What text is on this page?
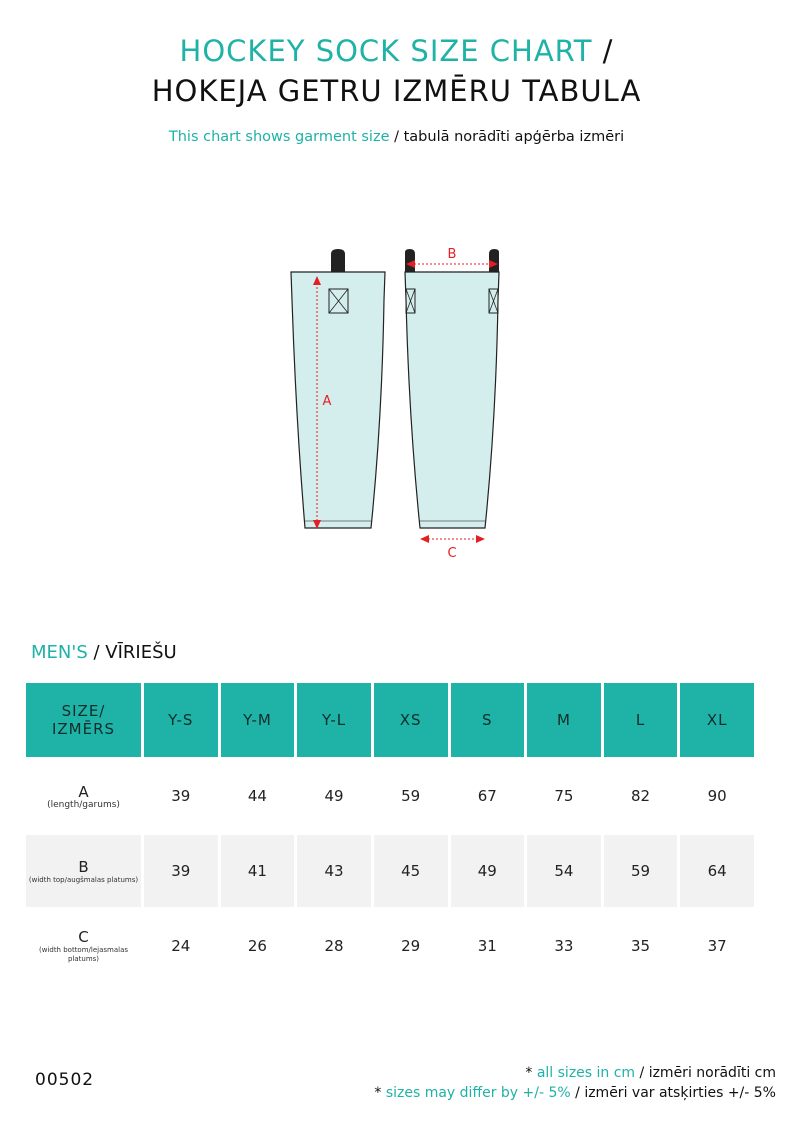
HOCKEY SOCK SIZE CHART /
HOKEJA GETRU IZMĒRU TABULA
This chart shows garment size / tabulā norādīti apģērba izmēri
A
B
C
MEN'S / VĪRIEŠU
SIZE/
IZMĒRS	Y-S	Y-M	Y-L	XS	S	M	L	XL

A
(length/garums)	39	44	49	59	67	75	82	90

B
(width top/augšmalas platums)	39	41	43	45	49	54	59	64

C
(width bottom/lejasmalas platums)	24	26	28	29	31	33	35	37
00502	* all sizes in cm / izmēri norādīti cm
* sizes may differ by +/- 5% / izmēri var atsķirties +/- 5%
